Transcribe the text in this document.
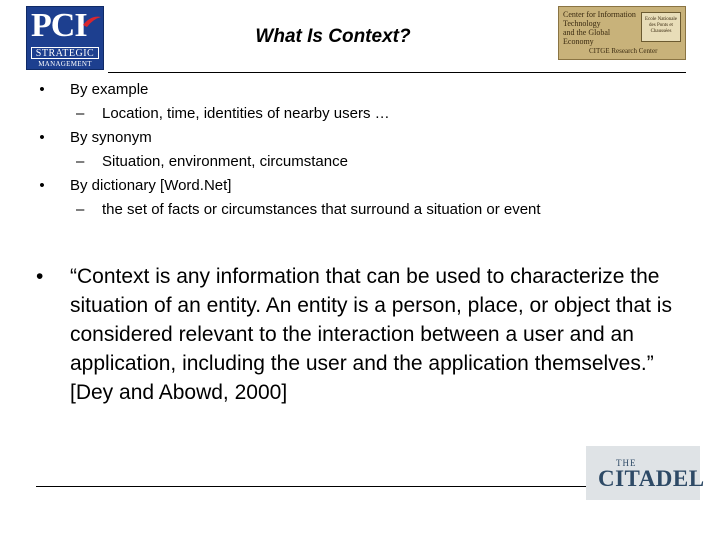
PCI
STRATEGIC
MANAGEMENT
What Is Context?
Center for Information Technology
and the Global Economy
Ecole Nationale des Ponts et Chaussées
CITGE Research Center
• By example
– Location, time, identities of nearby users …
• By synonym
– Situation, environment, circumstance
• By dictionary [Word.Net]
– the set of facts or circumstances that surround a situation or event
• “Context is any information that can be used to characterize the situation of an entity. An entity is a person, place, or object that is considered relevant to the interaction between a user and an application, including the user and the application themselves.” [Dey and Abowd, 2000]
THE
CITADEL
